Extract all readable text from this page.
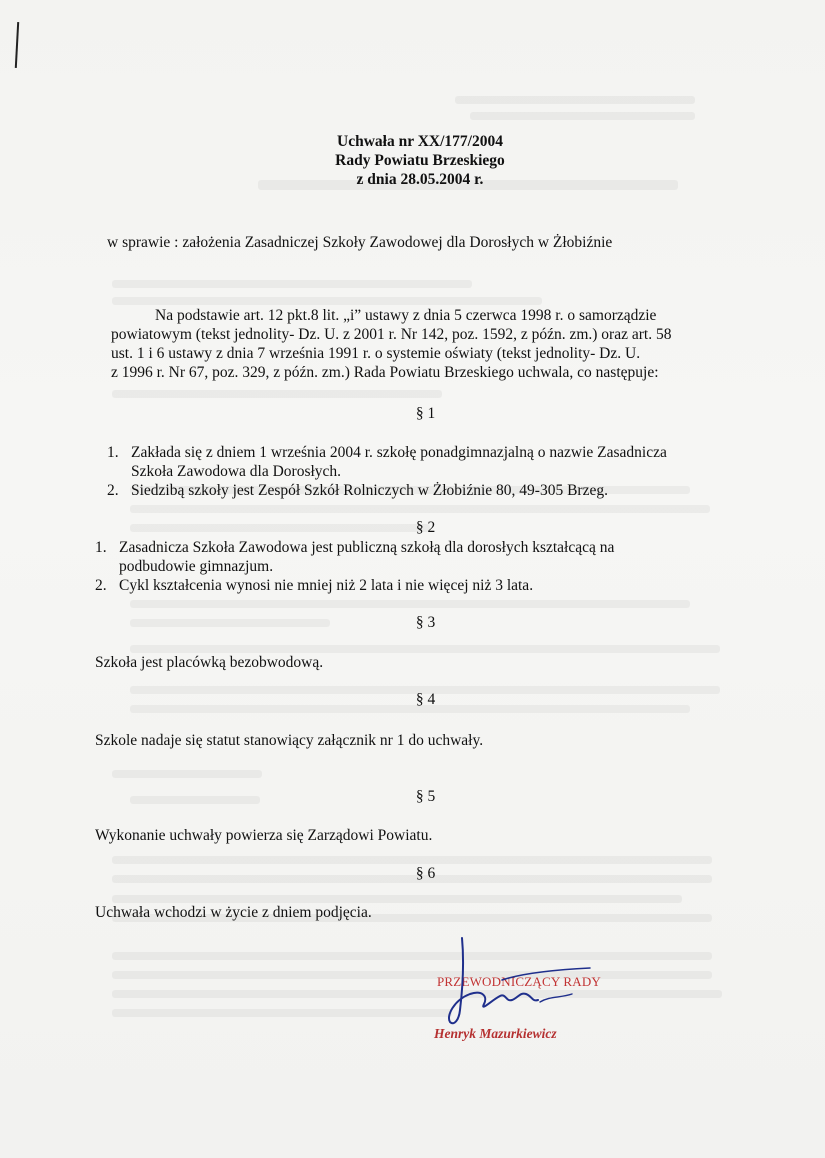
Uchwała nr XX/177/2004
Rady Powiatu Brzeskiego
z dnia 28.05.2004 r.
w sprawie : założenia Zasadniczej Szkoły Zawodowej dla Dorosłych w Żłobiźnie
Na podstawie art. 12 pkt.8 lit. „i” ustawy z dnia 5 czerwca 1998 r. o samorządzie
powiatowym (tekst jednolity- Dz. U. z 2001 r. Nr 142, poz. 1592, z późn. zm.) oraz art. 58
ust. 1 i 6 ustawy z dnia 7 września 1991 r. o systemie oświaty (tekst jednolity- Dz. U.
z 1996 r. Nr 67, poz. 329, z późn. zm.) Rada Powiatu Brzeskiego uchwala, co następuje:
§ 1
1. Zakłada się z dniem 1 września 2004 r. szkołę ponadgimnazjalną o nazwie Zasadnicza
Szkoła Zawodowa dla Dorosłych.
2. Siedzibą szkoły jest Zespół Szkół Rolniczych w Żłobiźnie 80, 49-305 Brzeg.
§ 2
1. Zasadnicza Szkoła Zawodowa jest publiczną szkołą dla dorosłych kształcącą na
podbudowie gimnazjum.
2. Cykl kształcenia wynosi nie mniej niż 2 lata i nie więcej niż 3 lata.
§ 3
Szkoła jest placówką bezobwodową.
§ 4
Szkole nadaje się statut stanowiący załącznik nr 1 do uchwały.
§ 5
Wykonanie uchwały powierza się Zarządowi Powiatu.
§ 6
Uchwała wchodzi w życie z dniem podjęcia.
PRZEWODNICZĄCY RADY
Henryk Mazurkiewicz
